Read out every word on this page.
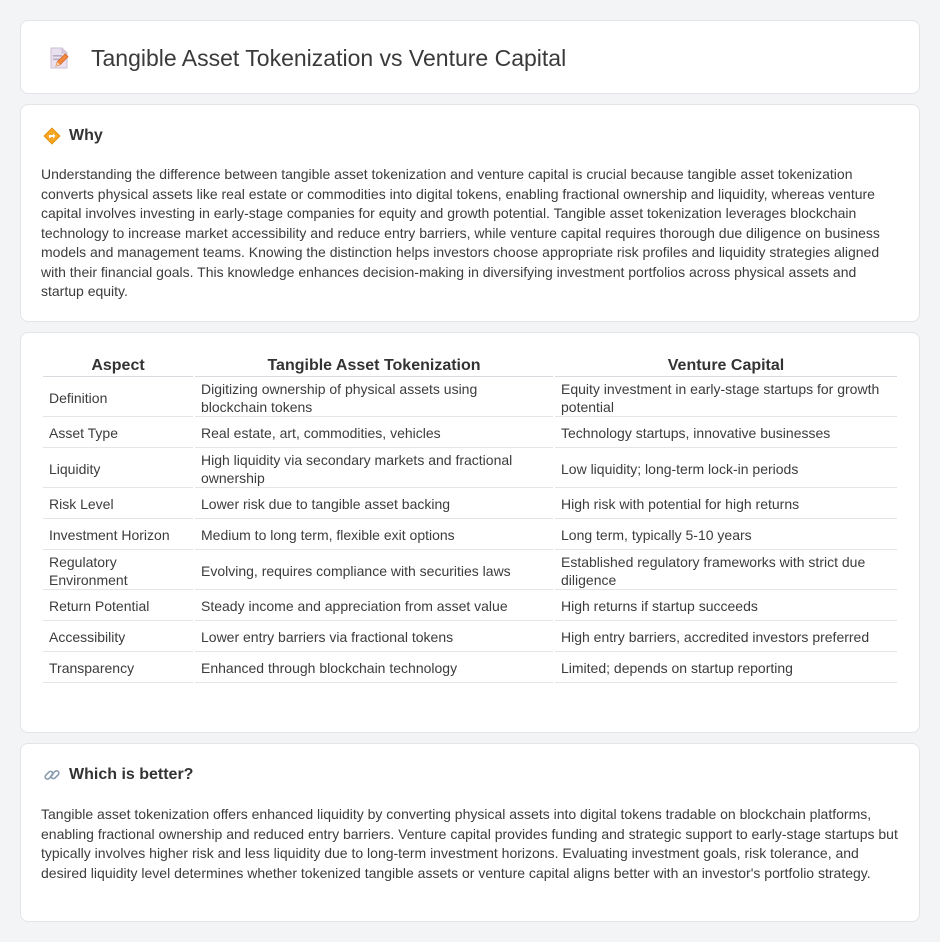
Tangible Asset Tokenization vs Venture Capital
Why

Understanding the difference between tangible asset tokenization and venture capital is crucial because tangible asset tokenization converts physical assets like real estate or commodities into digital tokens, enabling fractional ownership and liquidity, whereas venture capital involves investing in early-stage companies for equity and growth potential. Tangible asset tokenization leverages blockchain technology to increase market accessibility and reduce entry barriers, while venture capital requires thorough due diligence on business models and management teams. Knowing the distinction helps investors choose appropriate risk profiles and liquidity strategies aligned with their financial goals. This knowledge enhances decision-making in diversifying investment portfolios across physical assets and startup equity.

Aspect	Tangible Asset Tokenization	Venture Capital
Definition	Digitizing ownership of physical assets using blockchain tokens	Equity investment in early-stage startups for growth potential
Asset Type	Real estate, art, commodities, vehicles	Technology startups, innovative businesses
Liquidity	High liquidity via secondary markets and fractional ownership	Low liquidity; long-term lock-in periods
Risk Level	Lower risk due to tangible asset backing	High risk with potential for high returns
Investment Horizon	Medium to long term, flexible exit options	Long term, typically 5-10 years
Regulatory Environment	Evolving, requires compliance with securities laws	Established regulatory frameworks with strict due diligence
Return Potential	Steady income and appreciation from asset value	High returns if startup succeeds
Accessibility	Lower entry barriers via fractional tokens	High entry barriers, accredited investors preferred
Transparency	Enhanced through blockchain technology	Limited; depends on startup reporting
Which is better?

Tangible asset tokenization offers enhanced liquidity by converting physical assets into digital tokens tradable on blockchain platforms, enabling fractional ownership and reduced entry barriers. Venture capital provides funding and strategic support to early-stage startups but typically involves higher risk and less liquidity due to long-term investment horizons. Evaluating investment goals, risk tolerance, and desired liquidity level determines whether tokenized tangible assets or venture capital aligns better with an investor's portfolio strategy.
